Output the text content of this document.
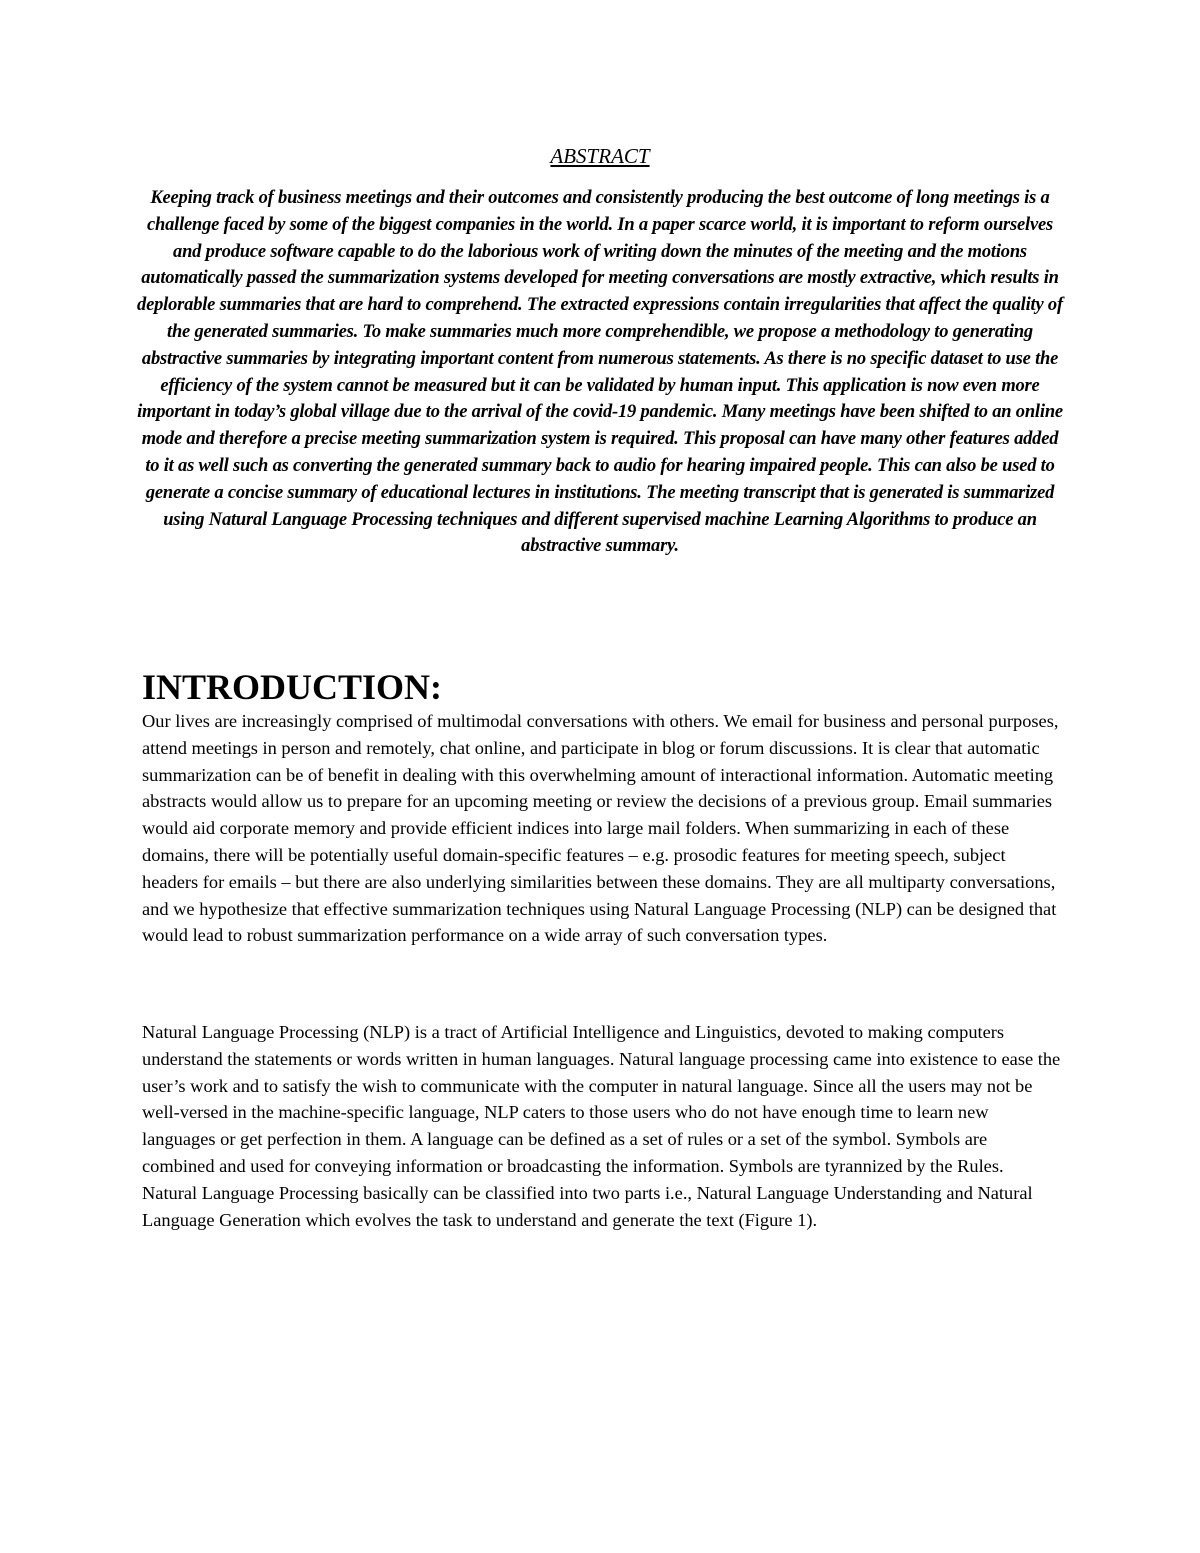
ABSTRACT

Keeping track of business meetings and their outcomes and consistently producing the best outcome of long meetings is a challenge faced by some of the biggest companies in the world. In a paper scarce world, it is important to reform ourselves and produce software capable to do the laborious work of writing down the minutes of the meeting and the motions automatically passed the summarization systems developed for meeting conversations are mostly extractive, which results in deplorable summaries that are hard to comprehend. The extracted expressions contain irregularities that affect the quality of the generated summaries. To make summaries much more comprehendible, we propose a methodology to generating abstractive summaries by integrating important content from numerous statements. As there is no specific dataset to use the efficiency of the system cannot be measured but it can be validated by human input. This application is now even more important in today’s global village due to the arrival of the covid-19 pandemic. Many meetings have been shifted to an online mode and therefore a precise meeting summarization system is required. This proposal can have many other features added to it as well such as converting the generated summary back to audio for hearing impaired people. This can also be used to generate a concise summary of educational lectures in institutions. The meeting transcript that is generated is summarized using Natural Language Processing techniques and different supervised machine Learning Algorithms to produce an abstractive summary.

INTRODUCTION:

Our lives are increasingly comprised of multimodal conversations with others. We email for business and personal purposes, attend meetings in person and remotely, chat online, and participate in blog or forum discussions. It is clear that automatic summarization can be of benefit in dealing with this overwhelming amount of interactional information. Automatic meeting abstracts would allow us to prepare for an upcoming meeting or review the decisions of a previous group. Email summaries would aid corporate memory and provide efficient indices into large mail folders. When summarizing in each of these domains, there will be potentially useful domain-specific features – e.g. prosodic features for meeting speech, subject headers for emails – but there are also underlying similarities between these domains. They are all multiparty conversations, and we hypothesize that effective summarization techniques using Natural Language Processing (NLP) can be designed that would lead to robust summarization performance on a wide array of such conversation types.

Natural Language Processing (NLP) is a tract of Artificial Intelligence and Linguistics, devoted to making computers understand the statements or words written in human languages. Natural language processing came into existence to ease the user’s work and to satisfy the wish to communicate with the computer in natural language. Since all the users may not be well-versed in the machine-specific language, NLP caters to those users who do not have enough time to learn new languages or get perfection in them. A language can be defined as a set of rules or a set of the symbol. Symbols are combined and used for conveying information or broadcasting the information. Symbols are tyrannized by the Rules. Natural Language Processing basically can be classified into two parts i.e., Natural Language Understanding and Natural Language Generation which evolves the task to understand and generate the text (Figure 1).
